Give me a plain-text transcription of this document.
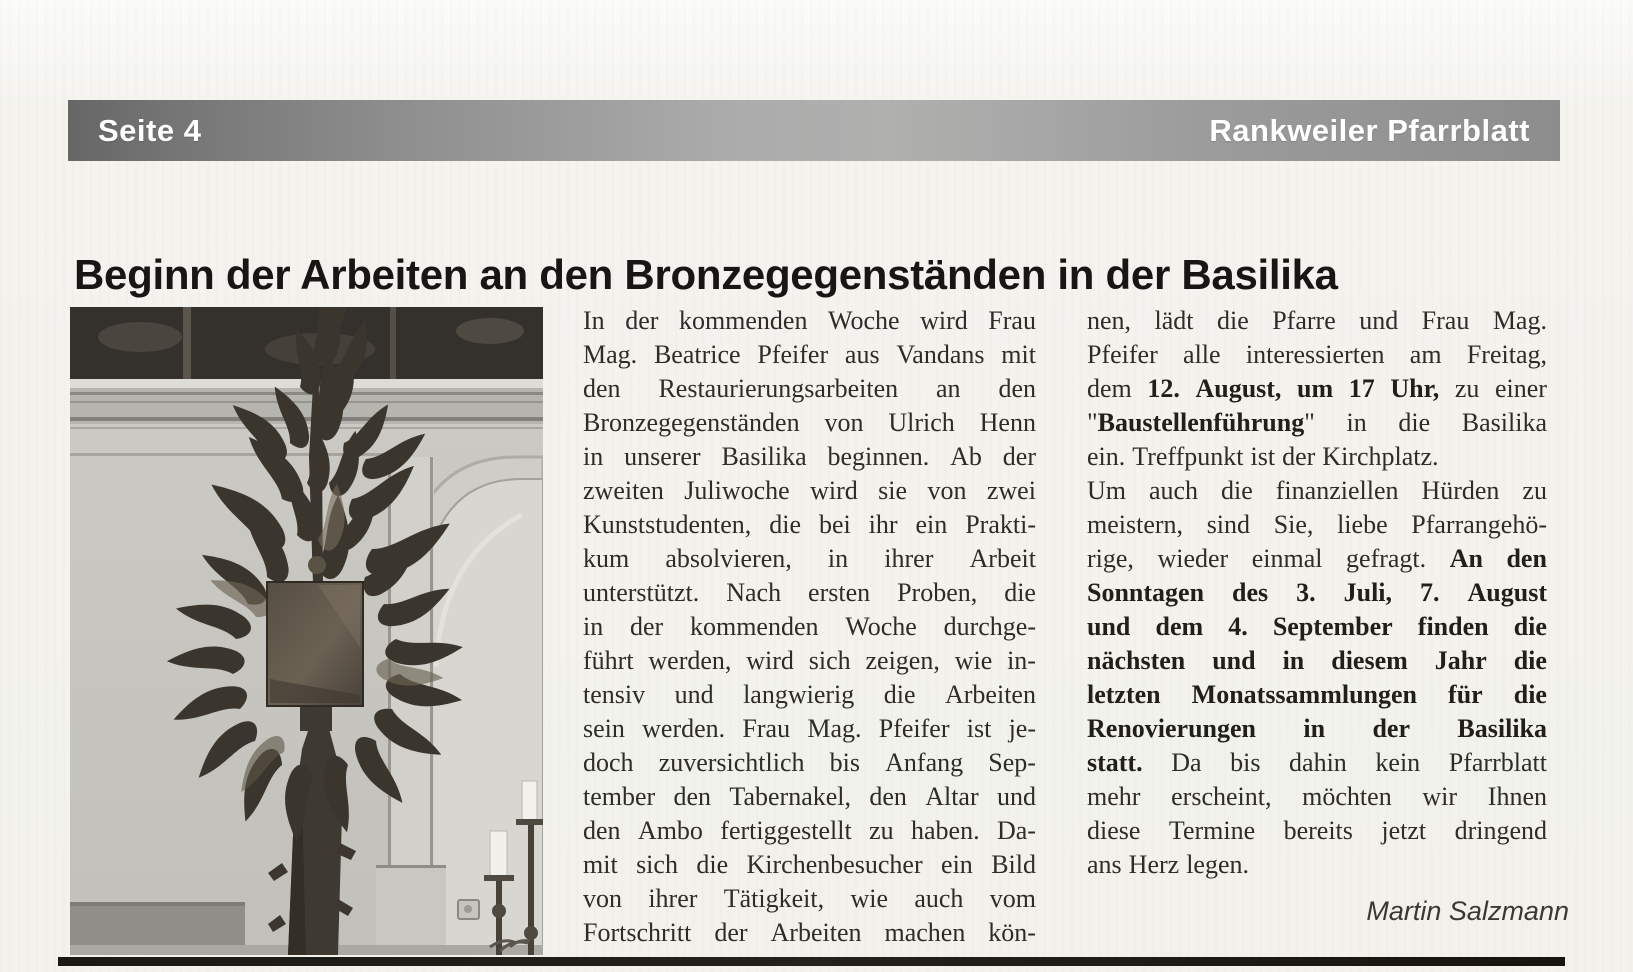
Seite 4	Rankweiler Pfarrblatt
Beginn der Arbeiten an den Bronzegegenständen in der Basilika
In der kommenden Woche wird Frau
Mag. Beatrice Pfeifer aus Vandans mit
den Restaurierungsarbeiten an den
Bronzegegenständen von Ulrich Henn
in unserer Basilika beginnen. Ab der
zweiten Juliwoche wird sie von zwei
Kunststudenten, die bei ihr ein Prakti-
kum absolvieren, in ihrer Arbeit
unterstützt. Nach ersten Proben, die
in der kommenden Woche durchge-
führt werden, wird sich zeigen, wie in-
tensiv und langwierig die Arbeiten
sein werden. Frau Mag. Pfeifer ist je-
doch zuversichtlich bis Anfang Sep-
tember den Tabernakel, den Altar und
den Ambo fertiggestellt zu haben. Da-
mit sich die Kirchenbesucher ein Bild
von ihrer Tätigkeit, wie auch vom
Fortschritt der Arbeiten machen kön-
nen, lädt die Pfarre und Frau Mag.
Pfeifer alle interessierten am Freitag,
dem 12. August, um 17 Uhr, zu einer
"Baustellenführung" in die Basilika
ein. Treffpunkt ist der Kirchplatz.
Um auch die finanziellen Hürden zu
meistern, sind Sie, liebe Pfarrangehö-
rige, wieder einmal gefragt. An den
Sonntagen des 3. Juli, 7. August
und dem 4. September finden die
nächsten und in diesem Jahr die
letzten Monatssammlungen für die
Renovierungen in der Basilika
statt. Da bis dahin kein Pfarrblatt
mehr erscheint, möchten wir Ihnen
diese Termine bereits jetzt dringend
ans Herz legen.
Martin Salzmann
